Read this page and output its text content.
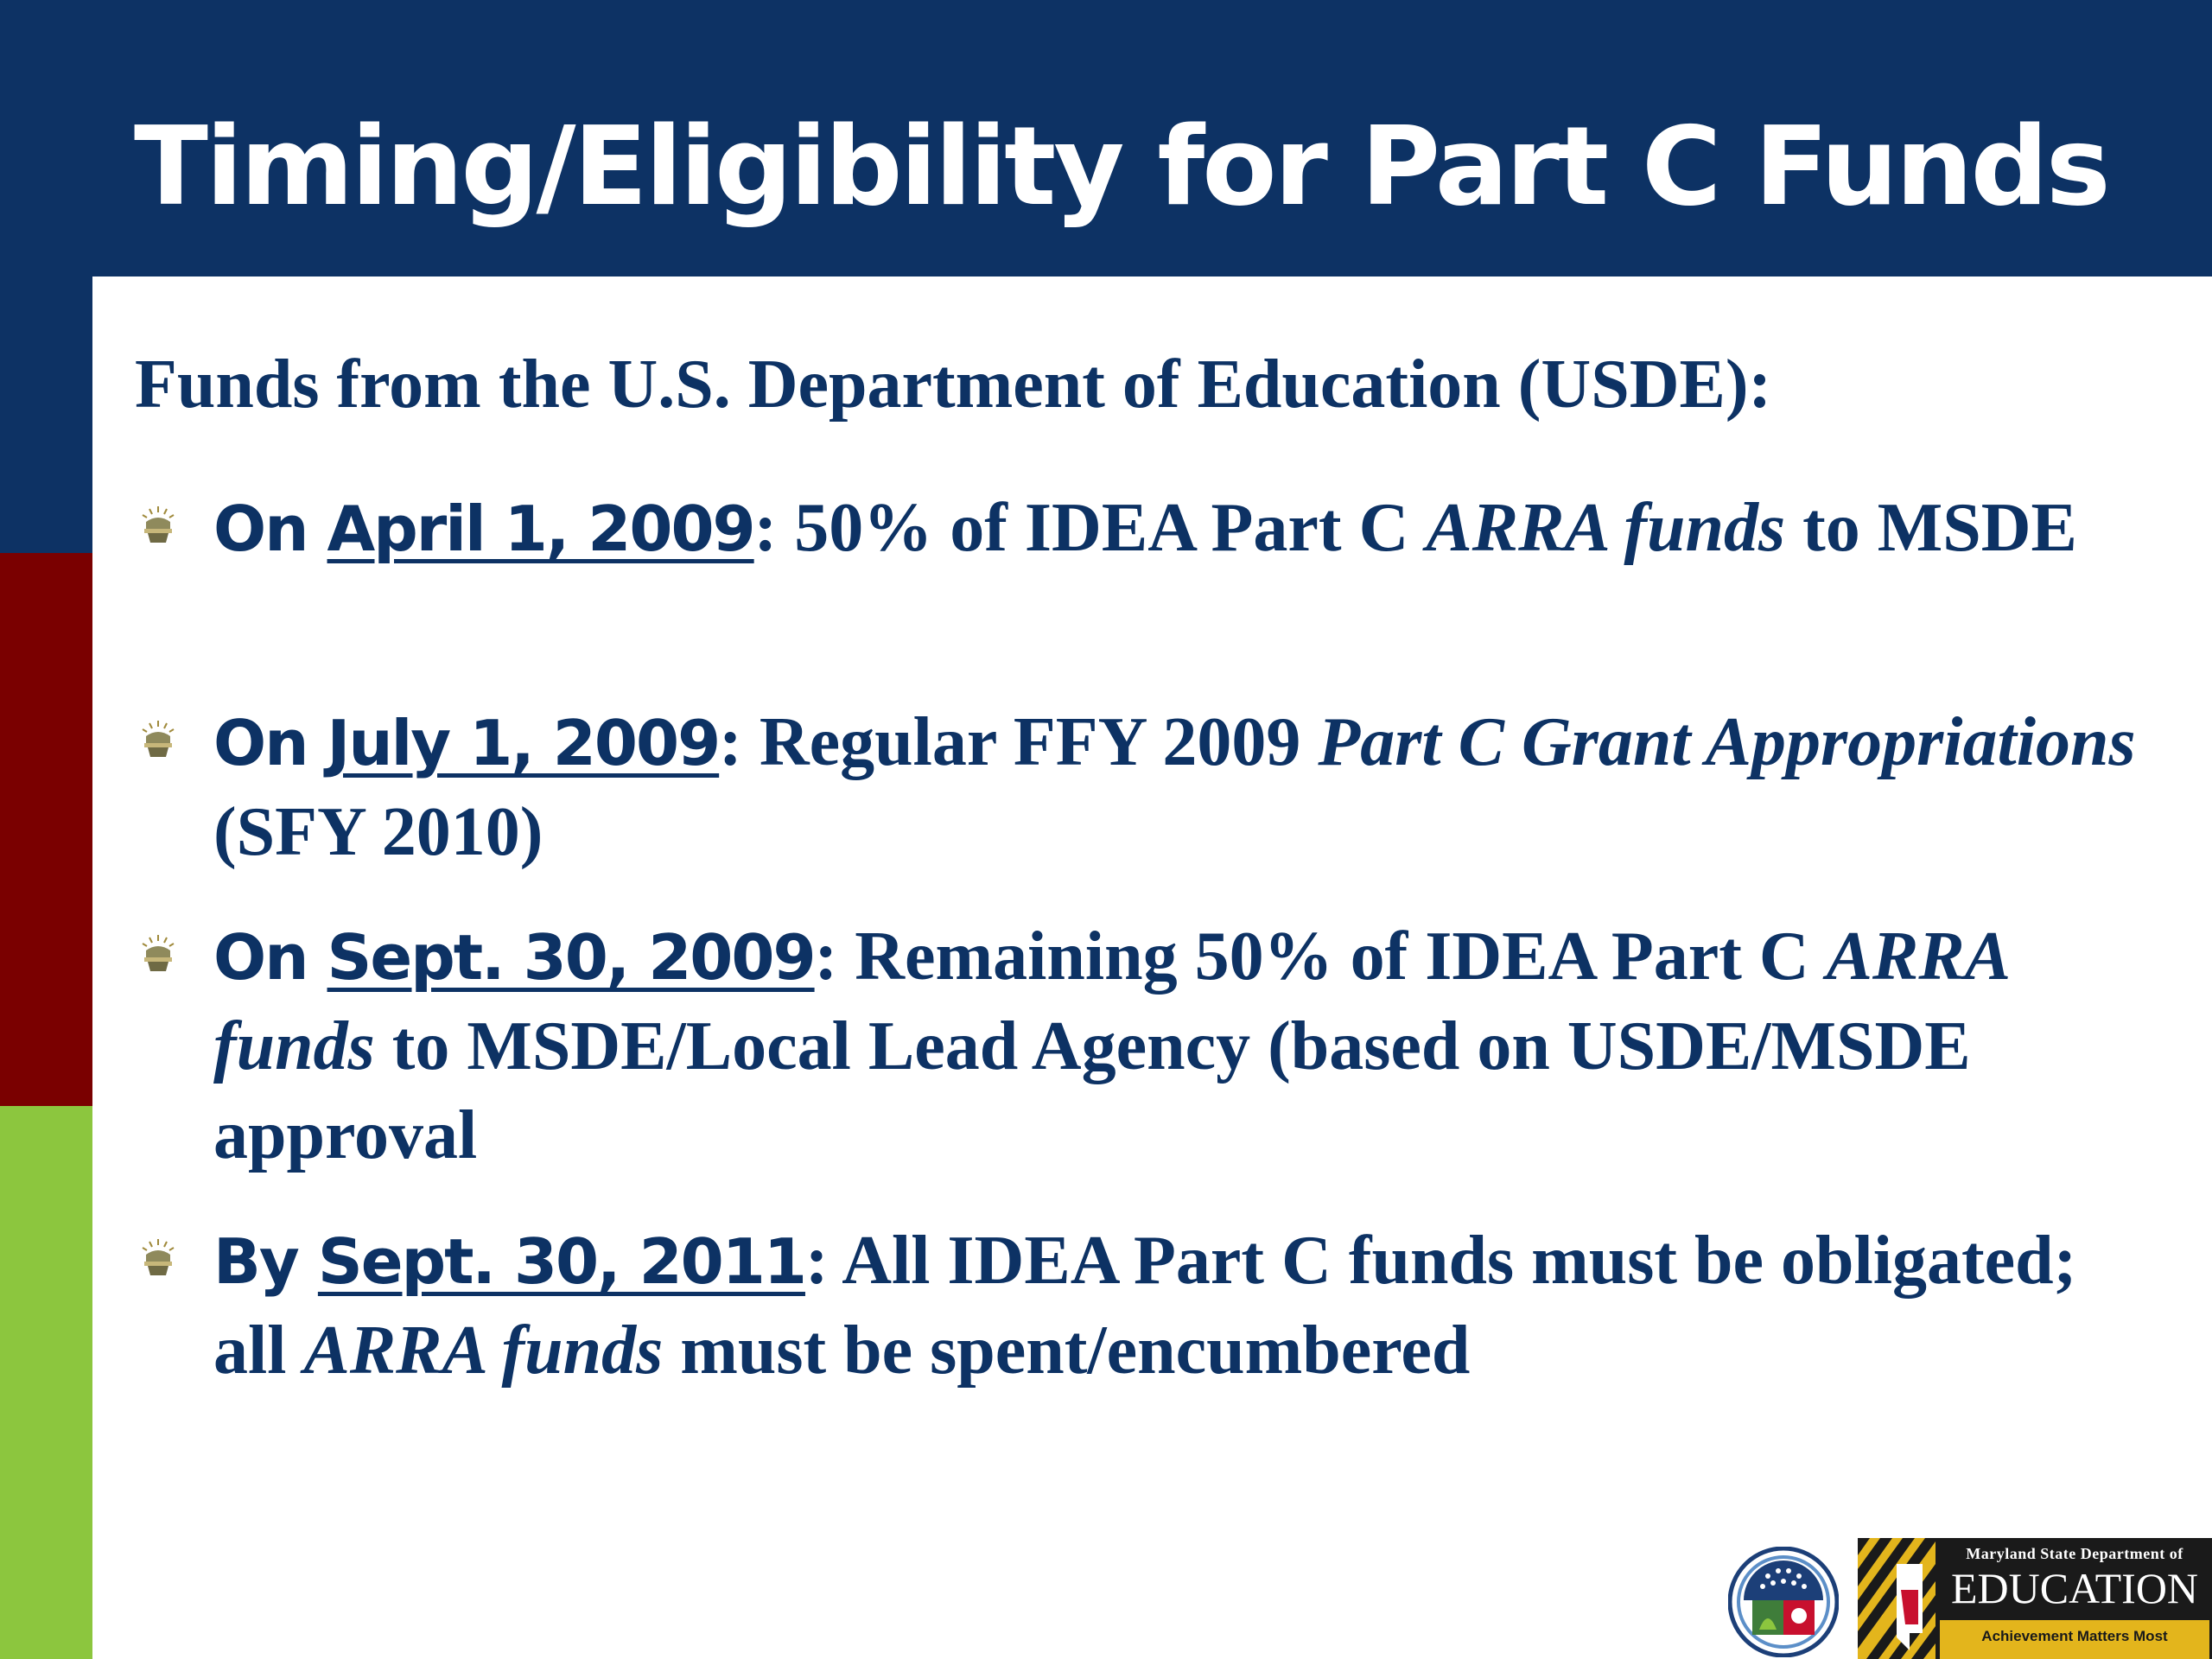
Timing/Eligibility for Part C Funds
Funds from the U.S. Department of Education (USDE):
On April 1, 2009: 50% of IDEA Part C ARRA funds to MSDE
On July 1, 2009: Regular FFY 2009 Part C Grant Appropriations (SFY 2010)
On Sept. 30, 2009: Remaining 50% of IDEA Part C ARRA funds to MSDE/Local Lead Agency (based on USDE/MSDE approval
By Sept. 30, 2011: All IDEA Part C funds must be obligated; all ARRA funds must be spent/encumbered
Maryland State Department of
EDUCATION
Achievement Matters Most
